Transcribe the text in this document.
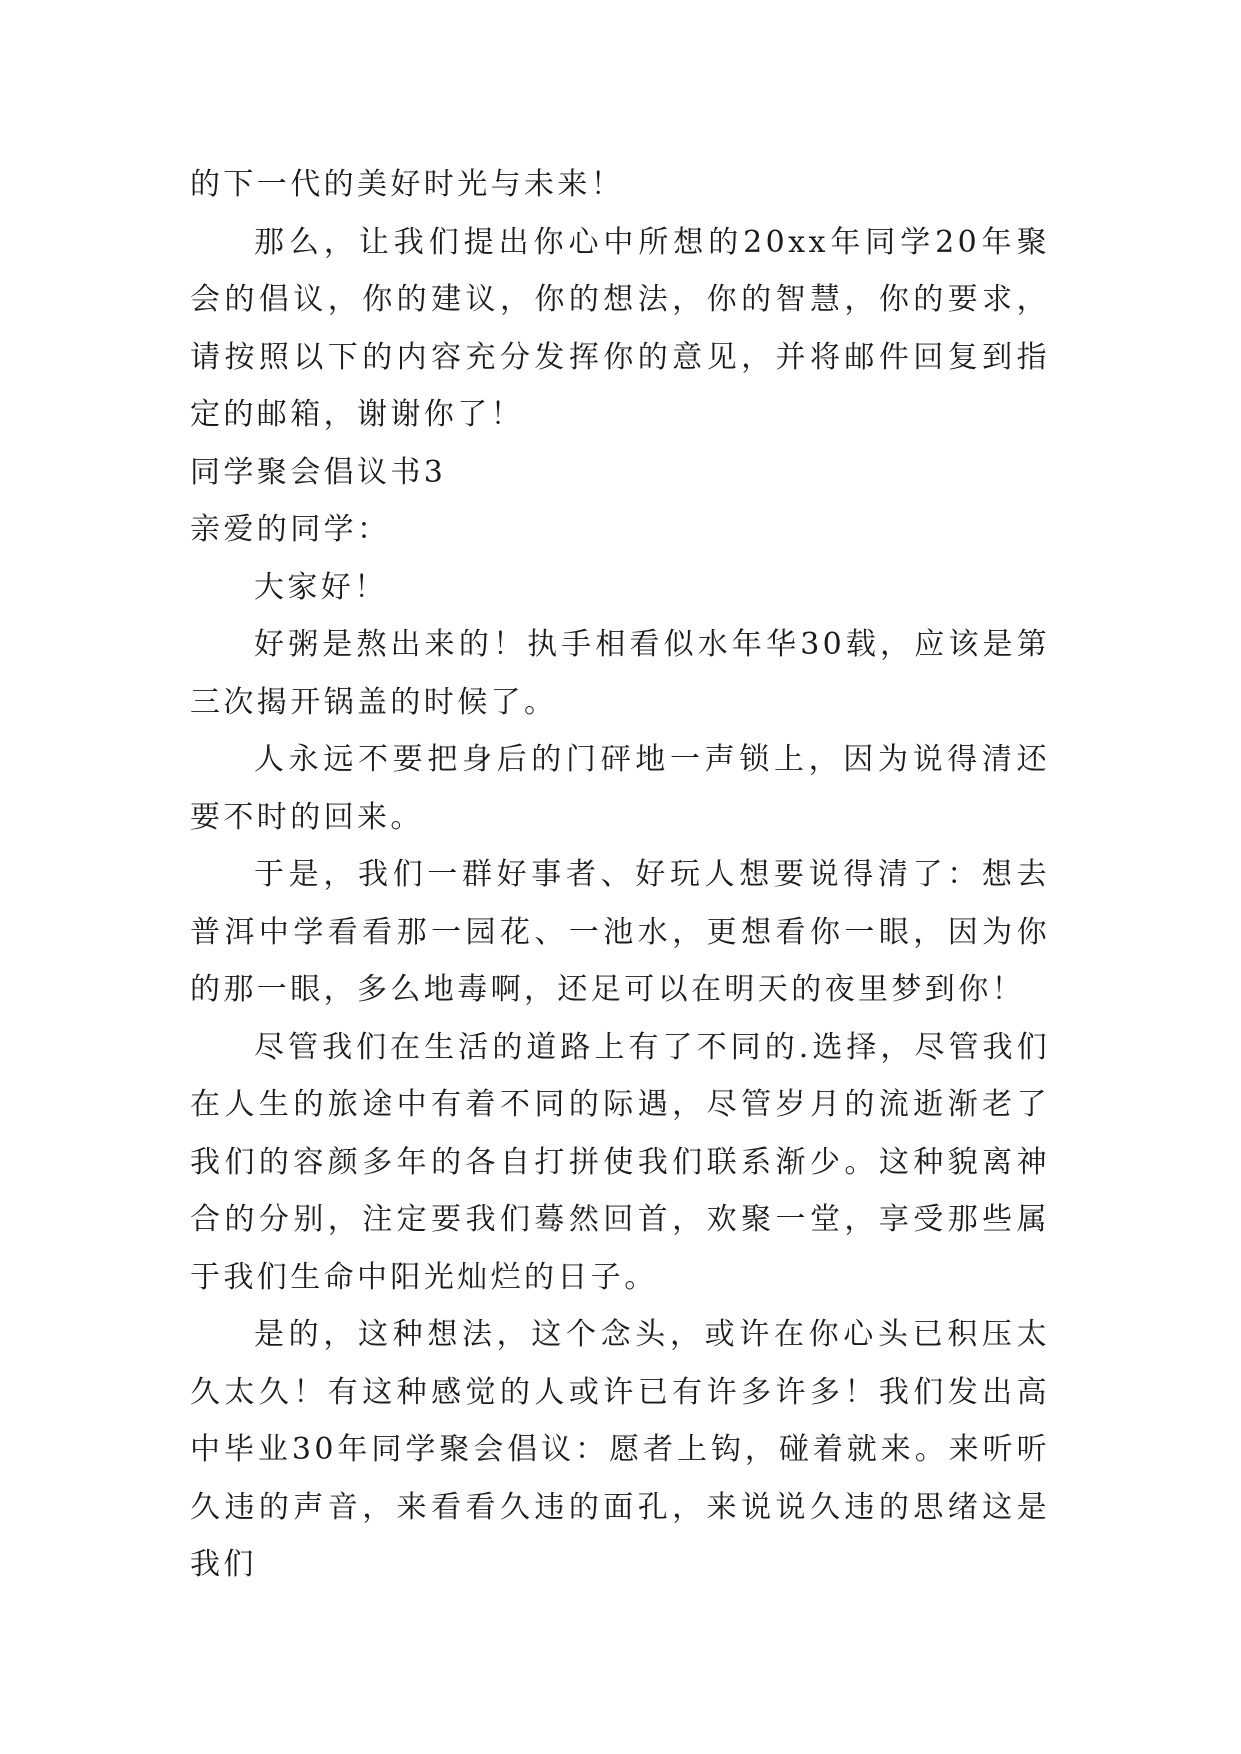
的下一代的美好时光与未来！

那么，让我们提出你心中所想的20xx年同学20年聚会的倡议，你的建议，你的想法，你的智慧，你的要求，请按照以下的内容充分发挥你的意见，并将邮件回复到指定的邮箱，谢谢你了！

同学聚会倡议书3

亲爱的同学：

大家好！

好粥是熬出来的！执手相看似水年华30载，应该是第三次揭开锅盖的时候了。

人永远不要把身后的门砰地一声锁上，因为说得清还要不时的回来。

于是，我们一群好事者、好玩人想要说得清了：想去普洱中学看看那一园花、一池水，更想看你一眼，因为你的那一眼，多么地毒啊，还足可以在明天的夜里梦到你！

尽管我们在生活的道路上有了不同的.选择，尽管我们在人生的旅途中有着不同的际遇，尽管岁月的流逝渐老了我们的容颜多年的各自打拼使我们联系渐少。这种貌离神合的分别，注定要我们蓦然回首，欢聚一堂，享受那些属于我们生命中阳光灿烂的日子。

是的，这种想法，这个念头，或许在你心头已积压太久太久！有这种感觉的人或许已有许多许多！我们发出高中毕业30年同学聚会倡议：愿者上钩，碰着就来。来听听久违的声音，来看看久违的面孔，来说说久违的思绪这是我们
